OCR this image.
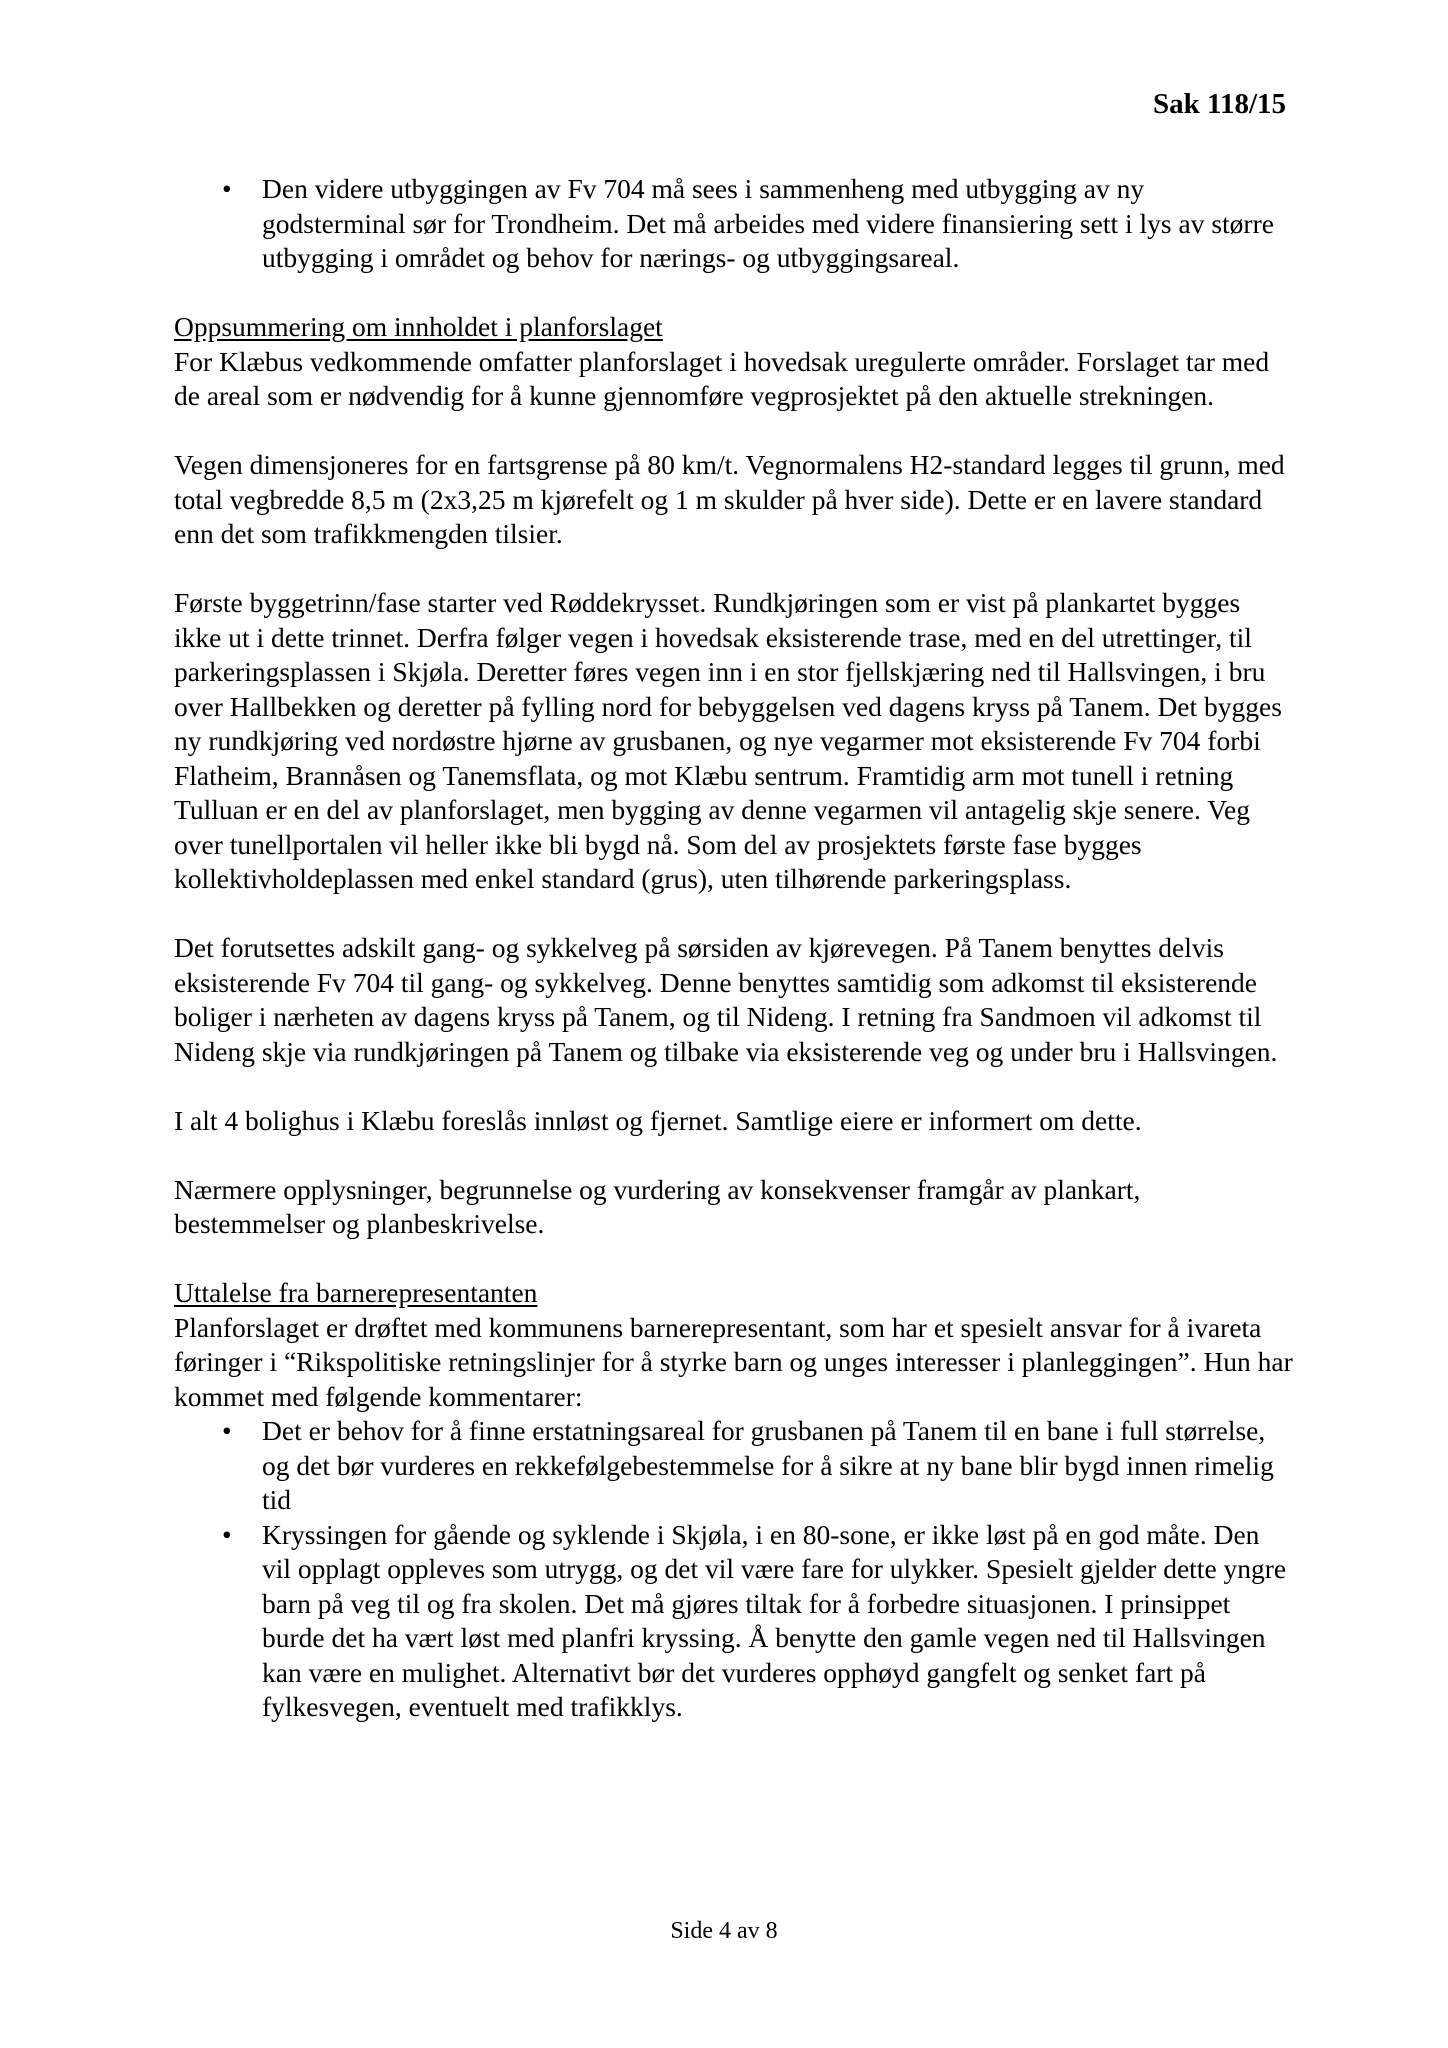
Sak 118/15
• Den videre utbyggingen av Fv 704 må sees i sammenheng med utbygging av ny godsterminal sør for Trondheim. Det må arbeides med videre finansiering sett i lys av større utbygging i området og behov for nærings- og utbyggingsareal.

Oppsummering om innholdet i planforslaget

For Klæbus vedkommende omfatter planforslaget i hovedsak uregulerte områder. Forslaget tar med de areal som er nødvendig for å kunne gjennomføre vegprosjektet på den aktuelle strekningen.

Vegen dimensjoneres for en fartsgrense på 80 km/t. Vegnormalens H2-standard legges til grunn, med total vegbredde 8,5 m (2x3,25 m kjørefelt og 1 m skulder på hver side). Dette er en lavere standard enn det som trafikkmengden tilsier.

Første byggetrinn/fase starter ved Røddekrysset. Rundkjøringen som er vist på plankartet bygges ikke ut i dette trinnet. Derfra følger vegen i hovedsak eksisterende trase, med en del utrettinger, til parkeringsplassen i Skjøla. Deretter føres vegen inn i en stor fjellskjæring ned til Hallsvingen, i bru over Hallbekken og deretter på fylling nord for bebyggelsen ved dagens kryss på Tanem. Det bygges ny rundkjøring ved nordøstre hjørne av grusbanen, og nye vegarmer mot eksisterende Fv 704 forbi Flatheim, Brannåsen og Tanemsflata, og mot Klæbu sentrum. Framtidig arm mot tunell i retning Tulluan er en del av planforslaget, men bygging av denne vegarmen vil antagelig skje senere. Veg over tunellportalen vil heller ikke bli bygd nå. Som del av prosjektets første fase bygges kollektivholdeplassen med enkel standard (grus), uten tilhørende parkeringsplass.

Det forutsettes adskilt gang- og sykkelveg på sørsiden av kjørevegen. På Tanem benyttes delvis eksisterende Fv 704 til gang- og sykkelveg. Denne benyttes samtidig som adkomst til eksisterende boliger i nærheten av dagens kryss på Tanem, og til Nideng. I retning fra Sandmoen vil adkomst til Nideng skje via rundkjøringen på Tanem og tilbake via eksisterende veg og under bru i Hallsvingen.

I alt 4 bolighus i Klæbu foreslås innløst og fjernet. Samtlige eiere er informert om dette.

Nærmere opplysninger, begrunnelse og vurdering av konsekvenser framgår av plankart, bestemmelser og planbeskrivelse.

Uttalelse fra barnerepresentanten

Planforslaget er drøftet med kommunens barnerepresentant, som har et spesielt ansvar for å ivareta føringer i “Rikspolitiske retningslinjer for å styrke barn og unges interesser i planleggingen”. Hun har kommet med følgende kommentarer:

• Det er behov for å finne erstatningsareal for grusbanen på Tanem til en bane i full størrelse, og det bør vurderes en rekkefølgebestemmelse for å sikre at ny bane blir bygd innen rimelig tid
• Kryssingen for gående og syklende i Skjøla, i en 80-sone, er ikke løst på en god måte. Den vil opplagt oppleves som utrygg, og det vil være fare for ulykker. Spesielt gjelder dette yngre barn på veg til og fra skolen. Det må gjøres tiltak for å forbedre situasjonen. I prinsippet burde det ha vært løst med planfri kryssing. Å benytte den gamle vegen ned til Hallsvingen kan være en mulighet. Alternativt bør det vurderes opphøyd gangfelt og senket fart på fylkesvegen, eventuelt med trafikklys.
Side 4 av 8
